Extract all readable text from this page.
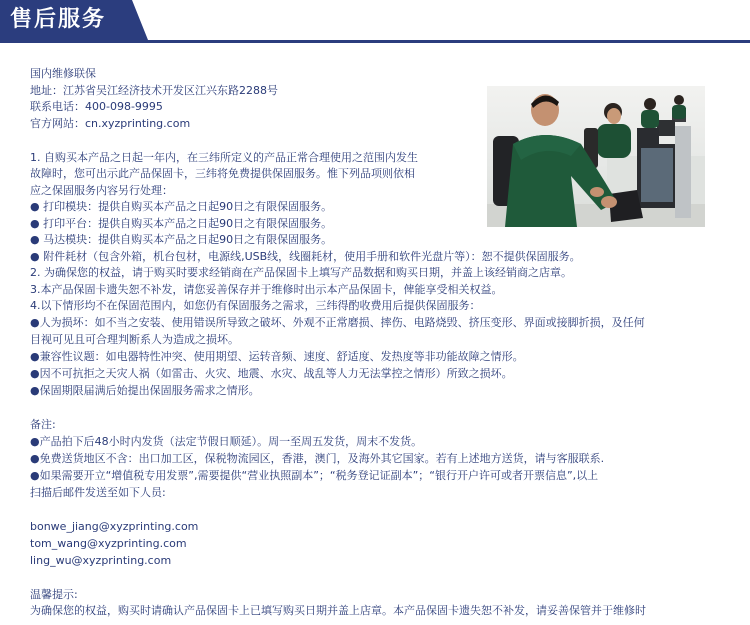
售后服务
国内维修联保
地址：江苏省吴江经济技术开发区江兴东路2288号
联系电话：400-098-9995
官方网站：cn.xyzprinting.com
1. 自购买本产品之日起一年内，在三纬所定义的产品正常合理使用之范围内发生
故障时，您可出示此产品保固卡，三纬将免费提供保固服务。惟下列品项则依相
应之保固服务内容另行处理：
● 打印模块：提供自购买本产品之日起90日之有限保固服务。
● 打印平台：提供自购买本产品之日起90日之有限保固服务。
● 马达模块：提供自购买本产品之日起90日之有限保固服务。
● 附件耗材（包含外箱，机台包材，电源线,USB线，线圈耗材，使用手册和软件光盘片等）：恕不提供保固服务。
2. 为确保您的权益，请于购买时要求经销商在产品保固卡上填写产品数据和购买日期，并盖上该经销商之店章。
3.本产品保固卡遗失恕不补发，请您妥善保存并于维修时出示本产品保固卡，俾能享受相关权益。
4.以下情形均不在保固范围内，如您仍有保固服务之需求，三纬得酌收费用后提供保固服务：
●人为损坏：如不当之安装、使用错误所导致之破坏、外观不正常磨损、摔伤、电路烧毁、挤压变形、界面或接脚折损，及任何
目视可见且可合理判断系人为造成之损坏。
●兼容性议题：如电器特性冲突、使用期望、运转音频、速度、舒适度、发热度等非功能故障之情形。
●因不可抗拒之天灾人祸（如雷击、火灾、地震、水灾、战乱等人力无法掌控之情形）所致之损坏。
●保固期限届满后始提出保固服务需求之情形。
备注:
●产品拍下后48小时内发货（法定节假日顺延）。周一至周五发货，周末不发货。
●免费送货地区不含：出口加工区，保税物流园区，香港，澳门，及海外其它国家。若有上述地方送货，请与客服联系.
●如果需要开立“增值税专用发票”,需要提供“营业执照副本”；“税务登记证副本”；“银行开户许可或者开票信息”,以上
扫描后邮件发送至如下人员:
bonwe_jiang@xyzprinting.com
tom_wang@xyzprinting.com
ling_wu@xyzprinting.com
温馨提示:
为确保您的权益，购买时请确认产品保固卡上已填写购买日期并盖上店章。本产品保固卡遗失恕不补发，请妥善保管并于维修时
